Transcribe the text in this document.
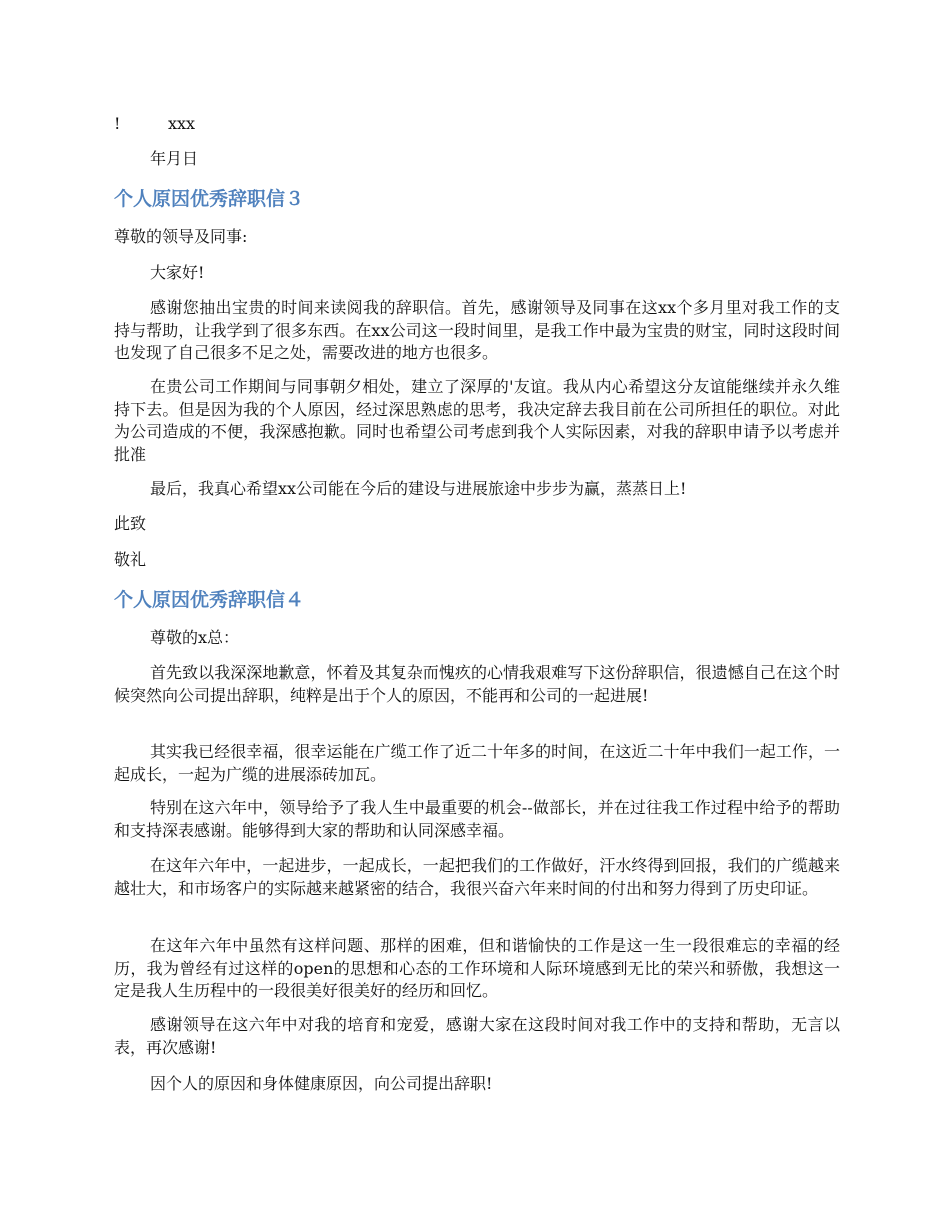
!	xxx
年月日
个人原因优秀辞职信３
尊敬的领导及同事:
大家好!
感谢您抽出宝贵的时间来读阅我的辞职信。首先，感谢领导及同事在这xx个多月里对我工作的支持与帮助，让我学到了很多东西。在xx公司这一段时间里，是我工作中最为宝贵的财宝，同时这段时间也发现了自己很多不足之处，需要改进的地方也很多。
在贵公司工作期间与同事朝夕相处，建立了深厚的'友谊。我从内心希望这分友谊能继续并永久维持下去。但是因为我的个人原因，经过深思熟虑的思考，我决定辞去我目前在公司所担任的职位。对此为公司造成的不便，我深感抱歉。同时也希望公司考虑到我个人实际因素，对我的辞职申请予以考虑并批准
最后，我真心希望xx公司能在今后的建设与进展旅途中步步为赢，蒸蒸日上!
此致
敬礼
个人原因优秀辞职信４
尊敬的x总：
首先致以我深深地歉意，怀着及其复杂而愧疚的心情我艰难写下这份辞职信，很遗憾自己在这个时候突然向公司提出辞职，纯粹是出于个人的原因，不能再和公司的一起进展!
其实我已经很幸福，很幸运能在广缆工作了近二十年多的时间，在这近二十年中我们一起工作，一起成长，一起为广缆的进展添砖加瓦。
特别在这六年中，领导给予了我人生中最重要的机会--做部长，并在过往我工作过程中给予的帮助和支持深表感谢。能够得到大家的帮助和认同深感幸福。
在这年六年中，一起进步，一起成长，一起把我们的工作做好，汗水终得到回报，我们的广缆越来越壮大，和市场客户的实际越来越紧密的结合，我很兴奋六年来时间的付出和努力得到了历史印证。
在这年六年中虽然有这样问题、那样的困难，但和谐愉快的工作是这一生一段很难忘的幸福的经历，我为曾经有过这样的open的思想和心态的工作环境和人际环境感到无比的荣兴和骄傲，我想这一定是我人生历程中的一段很美好很美好的经历和回忆。
感谢领导在这六年中对我的培育和宠爱，感谢大家在这段时间对我工作中的支持和帮助，无言以表，再次感谢!
因个人的原因和身体健康原因，向公司提出辞职!
